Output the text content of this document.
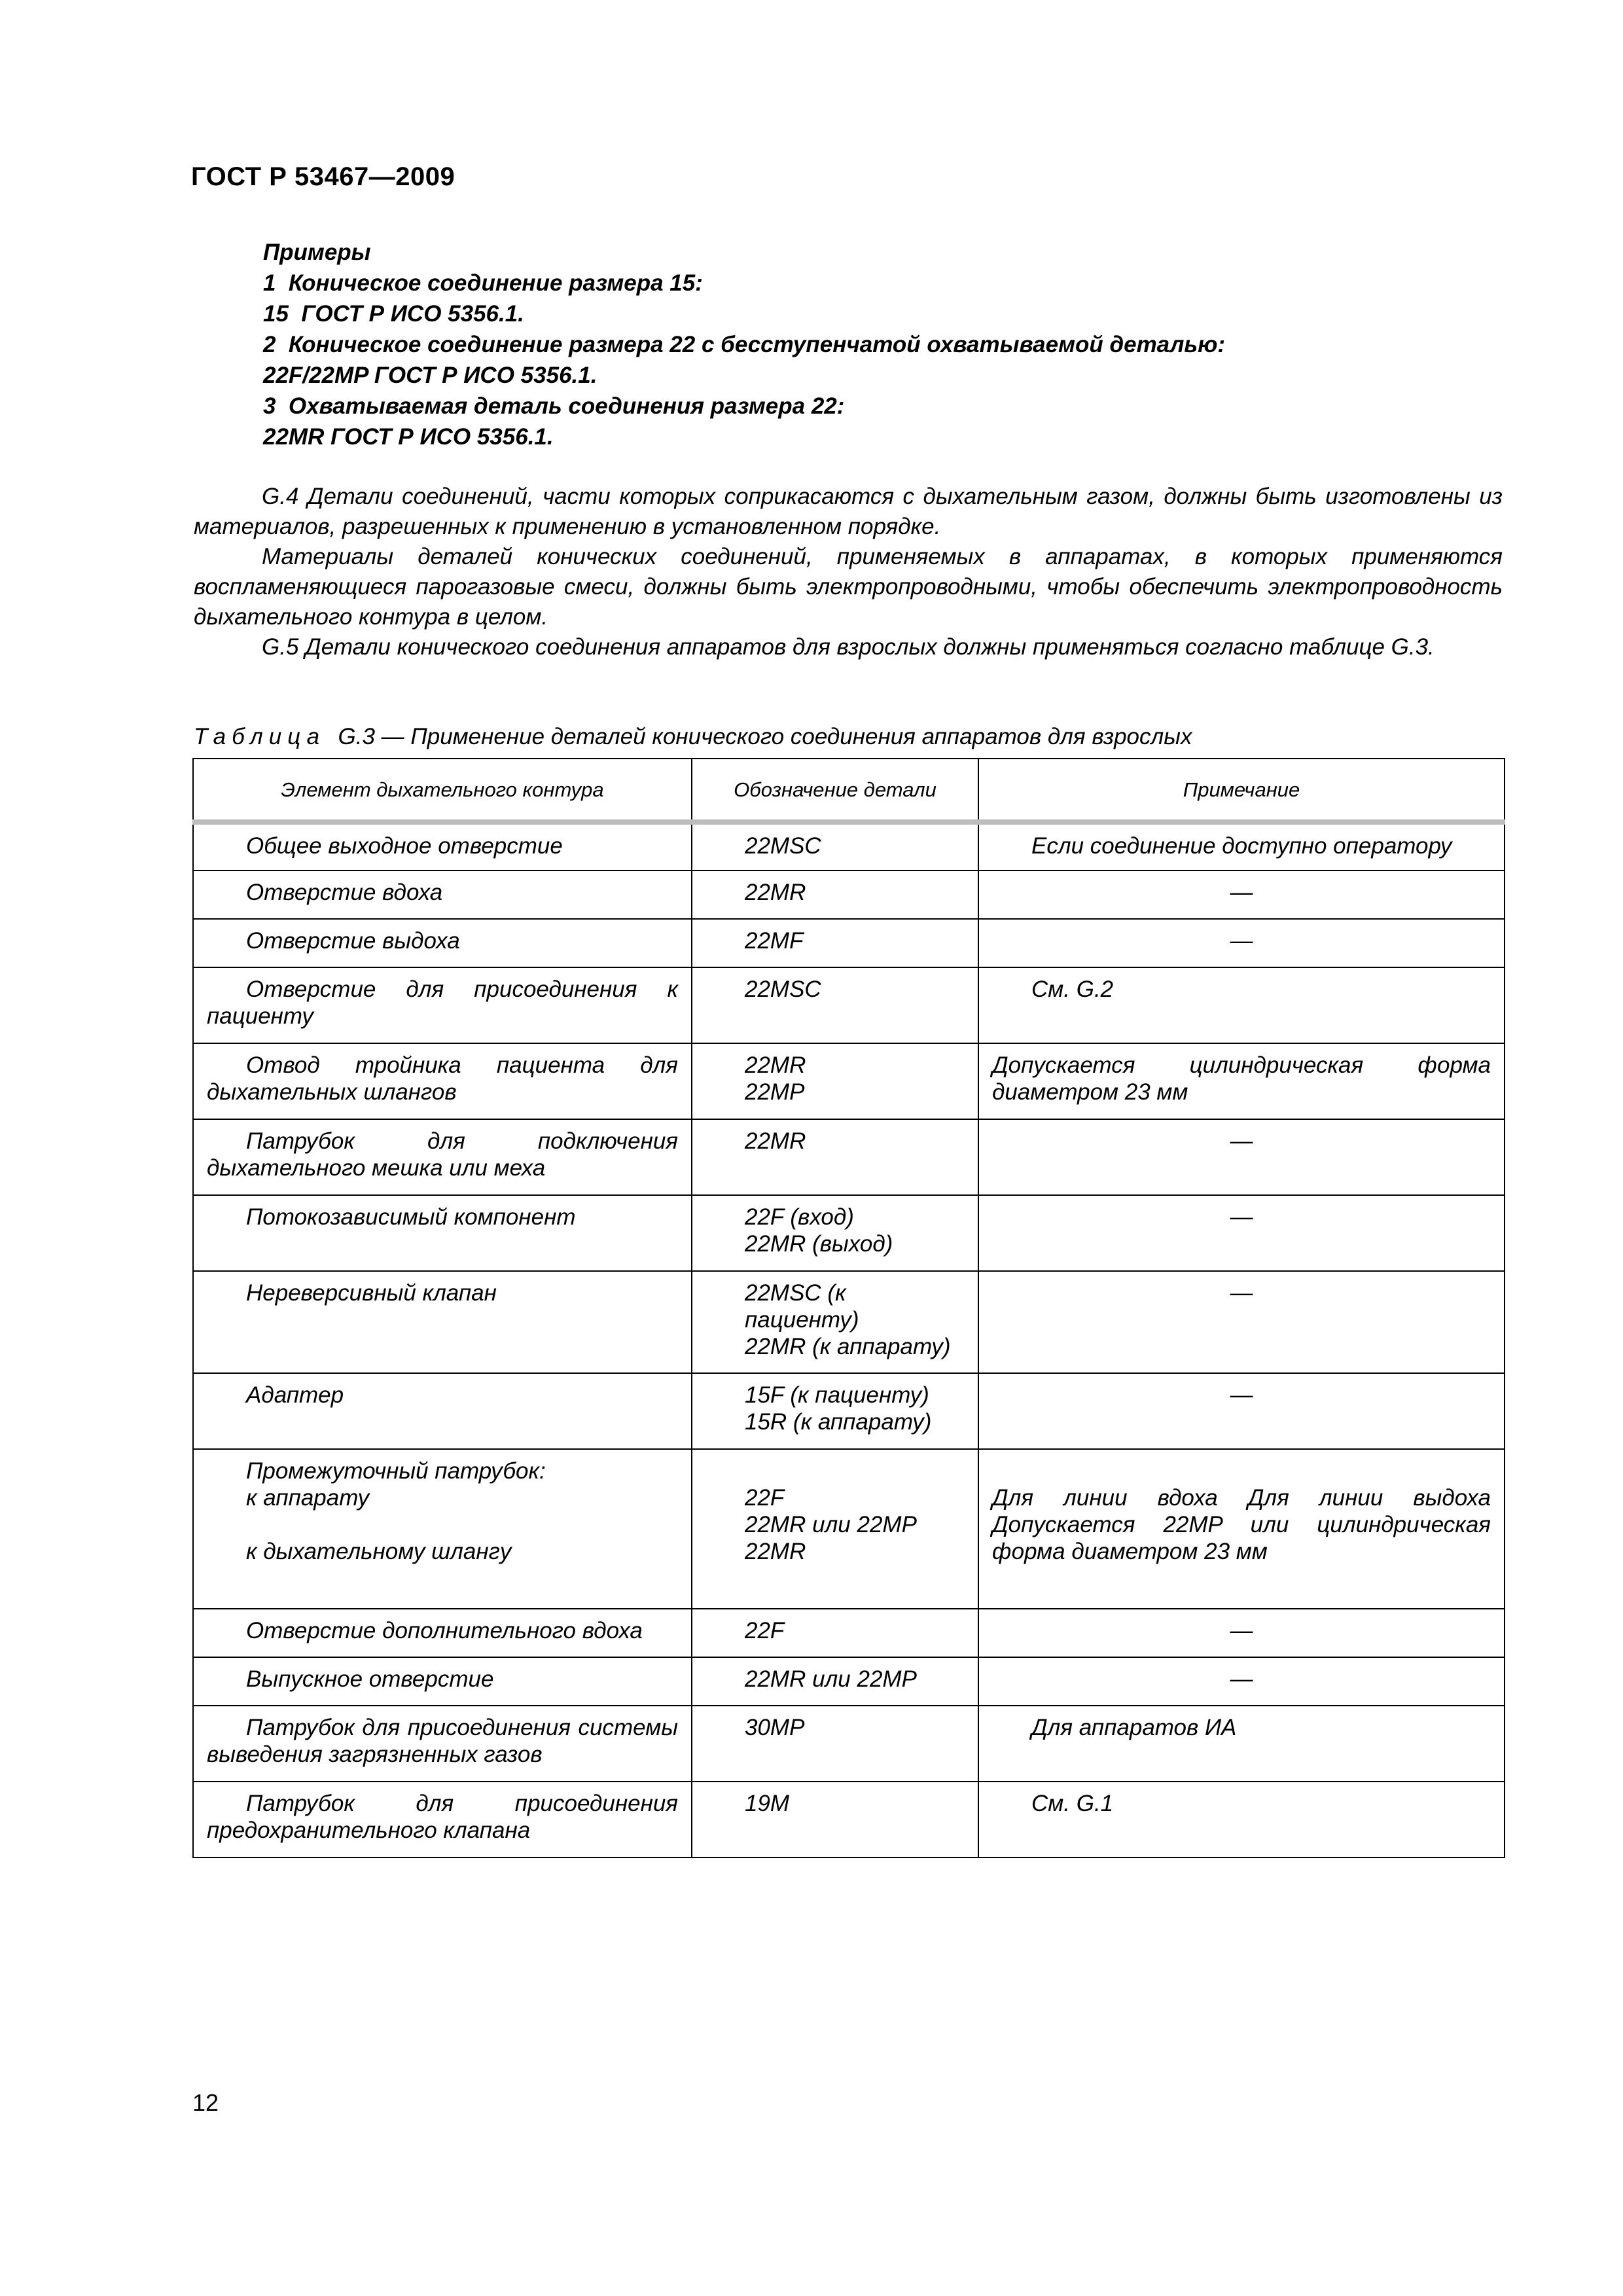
ГОСТ Р 53467—2009
Примеры
1  Коническое соединение размера 15:
15  ГОСТ Р ИСО 5356.1.
2  Коническое соединение размера 22 с бесступенчатой охватываемой деталью:
22F/22MP ГОСТ Р ИСО 5356.1.
3  Охватываемая деталь соединения размера 22:
22MR ГОСТ Р ИСО 5356.1.

G.4 Детали соединений, части которых соприкасаются с дыхательным газом, должны быть изготовлены из материалов, разрешенных к применению в установленном порядке.

Материалы деталей конических соединений, применяемых в аппаратах, в которых применяются воспламеняющиеся парогазовые смеси, должны быть электропроводными, чтобы обеспечить электропроводность дыхательного контура в целом.

G.5 Детали конического соединения аппаратов для взрослых должны применяться согласно таблице G.3.

Таблица G.3 — Применение деталей конического соединения аппаратов для взрослых
Элемент дыхательного контура	Обозначение детали	Примечание

Общее выходное отверстие	22MSC	Если соединение доступно оператору

Отверстие вдоха	22MR	—

Отверстие выдоха	22MF	—

Отверстие для присоединения к пациенту	22MSC	См. G.2

Отвод тройника пациента для дыхательных шлангов	22MR
22MP	Допускается цилиндрическая форма диаметром 23 мм

Патрубок для подключения дыхательного мешка или меха	22MR	—

Потокозависимый компонент	22F (вход)
22MR (выход)	—

Нереверсивный клапан	22MSC (к пациенту)
22MR (к аппарату)	—

Адаптер	15F (к пациенту)
15R (к аппарату)	—

Промежуточный патрубок:
к аппарату

к дыхательному шлангу	22F
22MR или 22MP
22MR	Для линии вдоха Для линии выдоха Допускается 22MP или цилиндрическая форма диаметром 23 мм

Отверстие дополнительного вдоха	22F	—

Выпускное отверстие	22MR или 22MP	—

Патрубок для присоединения системы выведения загрязненных газов	30MP	Для аппаратов ИА

Патрубок для присоединения предохранительного клапана	19M	См. G.1
12
